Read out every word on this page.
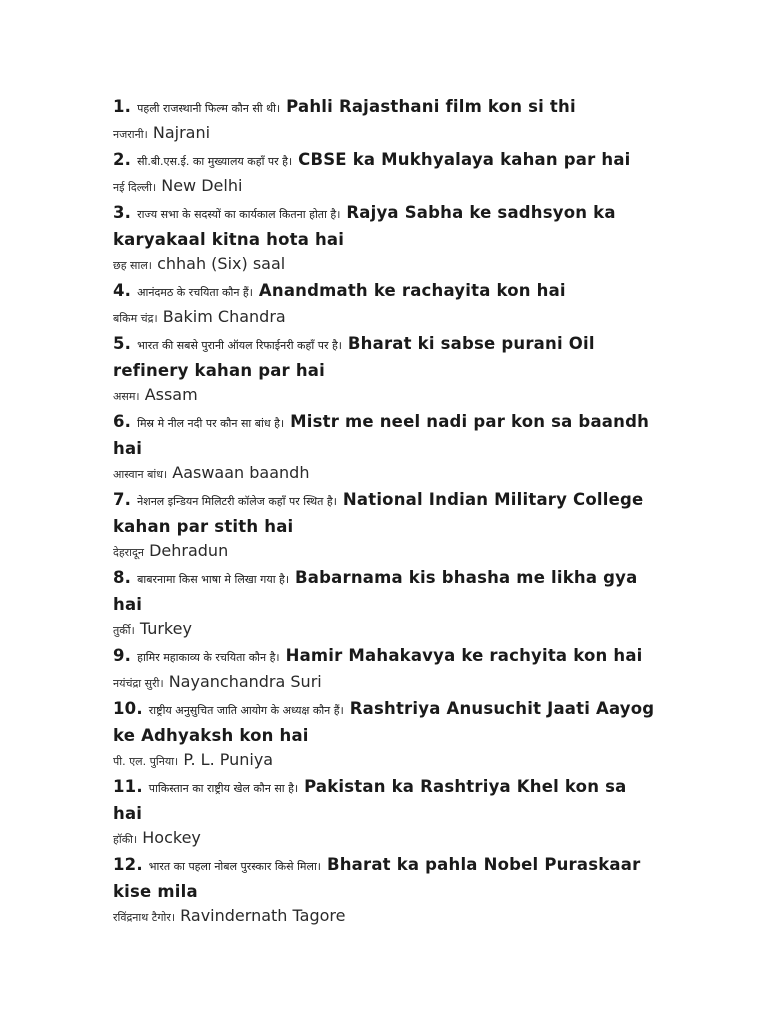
1. पहली राजस्थानी फिल्म कौन सी थी। Pahli Rajasthani film kon si thi

नजरानी। Najrani

2. सी.बी.एस.ई. का मुख्यालय कहाँ पर है। CBSE ka Mukhyalaya kahan par hai

नई दिल्ली। New Delhi

3. राज्य सभा के सदस्यों का कार्यकाल कितना होता है। Rajya Sabha ke sadhsyon ka karyakaal kitna hota hai

छह साल। chhah (Six) saal

4. आनंदमठ के रचयिता कौन हैं। Anandmath ke rachayita kon hai

बकिम चंद्र। Bakim Chandra

5. भारत की सबसे पुरानी ऑयल रिफाईनरी कहाँ पर है। Bharat ki sabse purani Oil refinery kahan par hai

असम। Assam

6. मिस्र मे नील नदी पर कौन सा बांध है। Mistr me neel nadi par kon sa baandh hai

आस्वान बांध। Aaswaan baandh

7. नेशनल इन्डियन मिलिटरी कॉलेज कहाँ पर स्थित है। National Indian Military College kahan par stith hai

देहरादून Dehradun

8. बाबरनामा किस भाषा मे लिखा गया है। Babarnama kis bhasha me likha gya hai

तुर्की। Turkey

9. हामिर महाकाव्य के रचयिता कौन है। Hamir Mahakavya ke rachyita kon hai

नयंचंद्रा सुरी। Nayanchandra Suri

10. राष्ट्रीय अनुसुचित जाति आयोग के अध्यक्ष कौन हैं। Rashtriya Anusuchit Jaati Aayog ke Adhyaksh kon hai

पी. एल. पुनिया। P. L. Puniya

11. पाकिस्तान का राष्ट्रीय खेल कौन सा है। Pakistan ka Rashtriya Khel kon sa hai

हॉकी। Hockey

12. भारत का पहला नोबल पुरस्कार किसे मिला। Bharat ka pahla Nobel Puraskaar kise mila

रविंद्रनाथ टैगोर। Ravindernath Tagore
